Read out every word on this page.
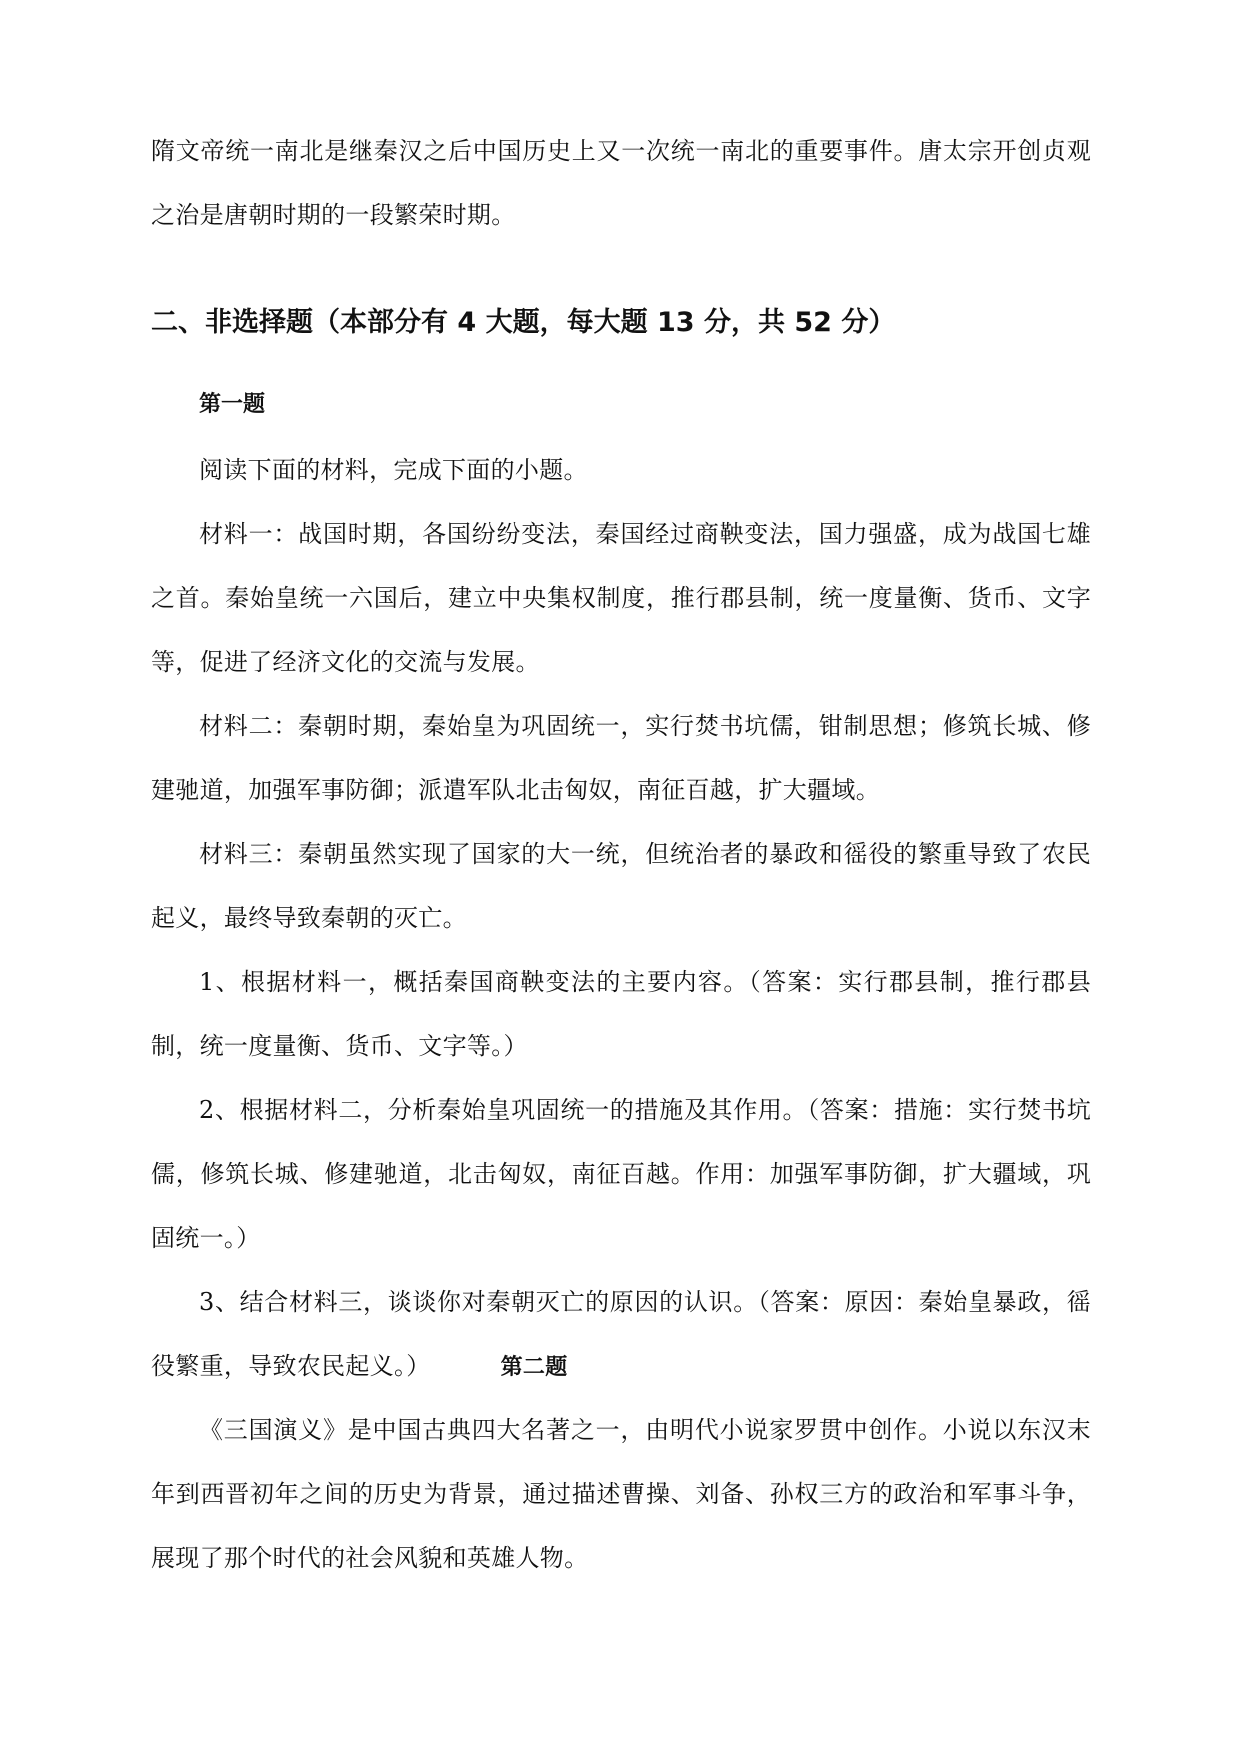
隋文帝统一南北是继秦汉之后中国历史上又一次统一南北的重要事件。唐太宗开创贞观之治是唐朝时期的一段繁荣时期。

二、非选择题（本部分有 4 大题，每大题 13 分，共 52 分）
第一题

阅读下面的材料，完成下面的小题。

材料一：战国时期，各国纷纷变法，秦国经过商鞅变法，国力强盛，成为战国七雄之首。秦始皇统一六国后，建立中央集权制度，推行郡县制，统一度量衡、货币、文字等，促进了经济文化的交流与发展。

材料二：秦朝时期，秦始皇为巩固统一，实行焚书坑儒，钳制思想；修筑长城、修建驰道，加强军事防御；派遣军队北击匈奴，南征百越，扩大疆域。

材料三：秦朝虽然实现了国家的大一统，但统治者的暴政和徭役的繁重导致了农民起义，最终导致秦朝的灭亡。

1、根据材料一，概括秦国商鞅变法的主要内容。（答案：实行郡县制，推行郡县制，统一度量衡、货币、文字等。）

2、根据材料二，分析秦始皇巩固统一的措施及其作用。（答案：措施：实行焚书坑儒，修筑长城、修建驰道，北击匈奴，南征百越。作用：加强军事防御，扩大疆域，巩固统一。）

3、结合材料三，谈谈你对秦朝灭亡的原因的认识。（答案：原因：秦始皇暴政，徭役繁重，导致农民起义。）	第二题

《三国演义》是中国古典四大名著之一，由明代小说家罗贯中创作。小说以东汉末年到西晋初年之间的历史为背景，通过描述曹操、刘备、孙权三方的政治和军事斗争，展现了那个时代的社会风貌和英雄人物。
